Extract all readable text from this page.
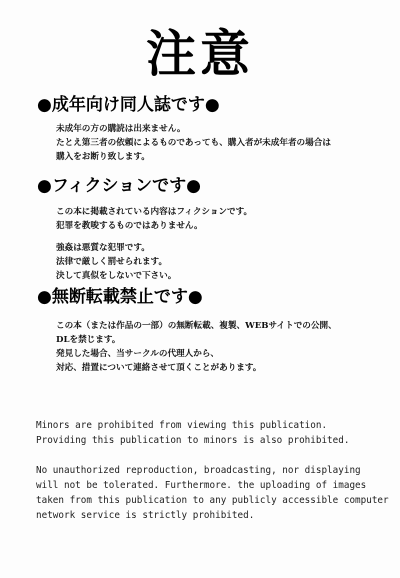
注意
●成年向け同人誌です●
未成年の方の購読は出来ません。
たとえ第三者の依頼によるものであっても、購入者が未成年者の場合は
購入をお断り致します。
●フィクションです●
この本に掲載されている内容はフィクションです。
犯罪を教唆するものではありません。
強姦は悪質な犯罪です。
法律で厳しく罰せられます。
決して真似をしないで下さい。
●無断転載禁止です●
この本（または作品の一部）の無断転載、複製、WEBサイトでの公開、
DLを禁じます。
発見した場合、当サークルの代理人から、
対応、措置について連絡させて頂くことがあります。
Minors are prohibited from viewing this publication.
Providing this publication to minors is also prohibited.
No unauthorized reproduction, broadcasting, nor displaying
will not be tolerated. Furthermore. the uploading of images
taken from this publication to any publicly accessible computer
network service is strictly prohibited.
